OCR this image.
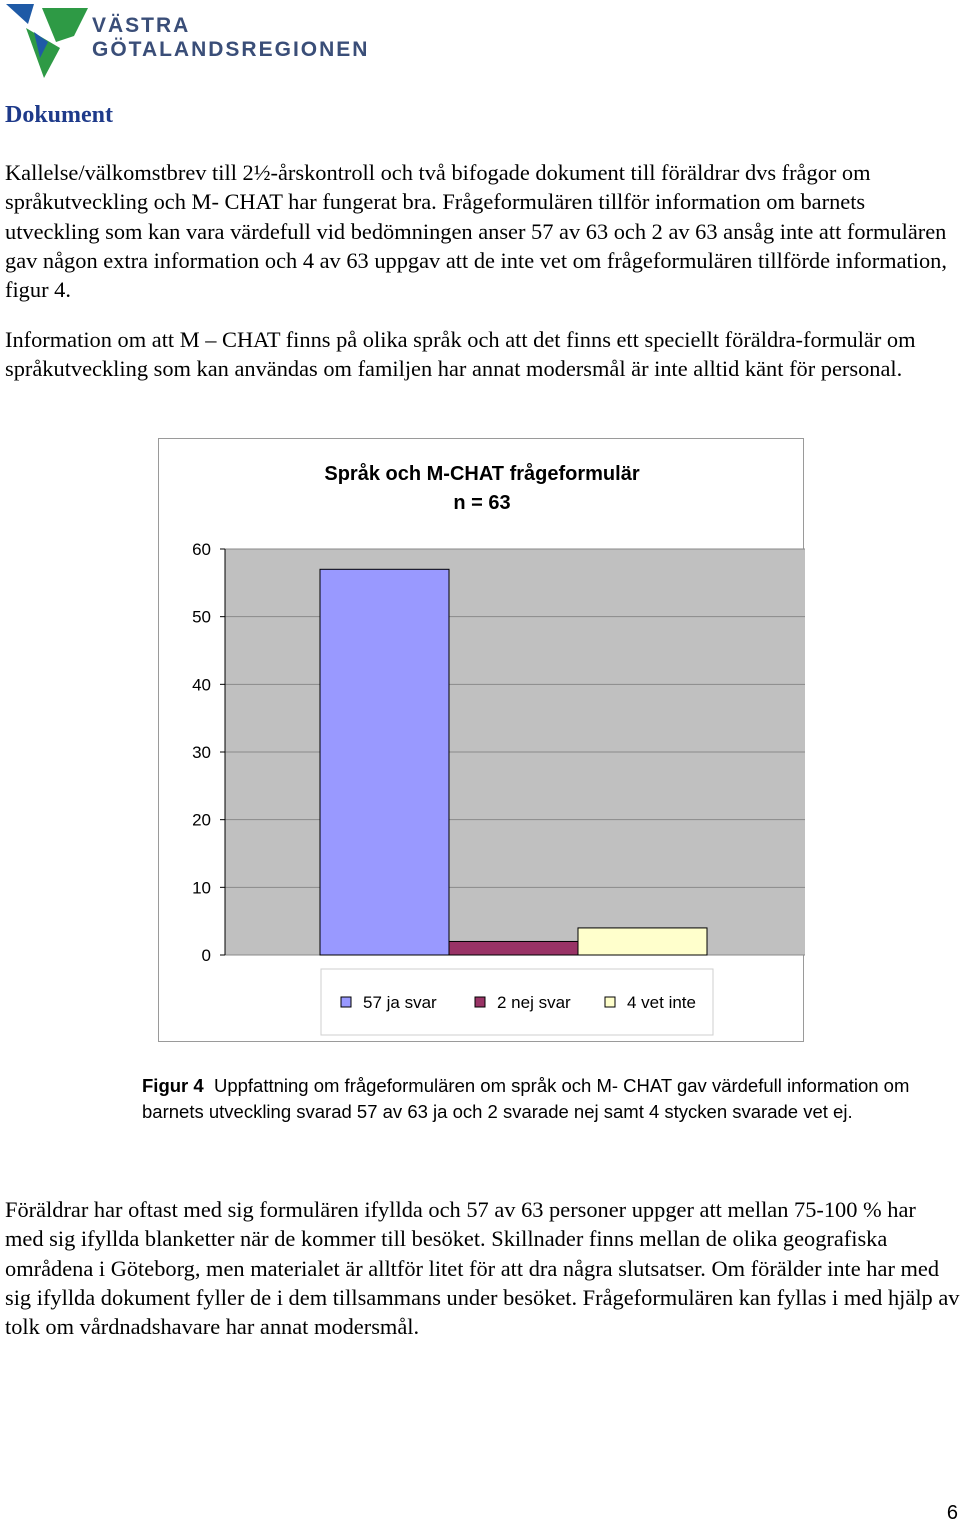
VÄSTRA
GÖTALANDSREGIONEN
Dokument

Kallelse/välkomstbrev till 2½-årskontroll och två bifogade dokument till föräldrar dvs frågor om språkutveckling och M- CHAT har fungerat bra. Frågeformulären tillför information om barnets utveckling som kan vara värdefull vid bedömningen anser 57 av 63 och 2 av 63 ansåg inte att formulären gav någon extra information och 4 av 63 uppgav att de inte vet om frågeformulären tillförde information, figur 4.

Information om att M – CHAT finns på olika språk och att det finns ett speciellt föräldra-formulär om språkutveckling som kan användas om familjen har annat modersmål är inte alltid känt för personal.

Språk och M-CHAT frågeformulär
n = 63
0
10
20
30
40
50
60
57 ja svar	2 nej svar	4 vet inte
Figur 4 Uppfattning om frågeformulären om språk och M- CHAT gav värdefull information om barnets utveckling svarad 57 av 63 ja och 2 svarade nej samt 4 stycken svarade vet ej.

Föräldrar har oftast med sig formulären ifyllda och 57 av 63 personer uppger att mellan 75-100 % har med sig ifyllda blanketter när de kommer till besöket. Skillnader finns mellan de olika geografiska områdena i Göteborg, men materialet är alltför litet för att dra några slutsatser. Om förälder inte har med sig ifyllda dokument fyller de i dem tillsammans under besöket. Frågeformulären kan fyllas i med hjälp av tolk om vårdnadshavare har annat modersmål.

6
